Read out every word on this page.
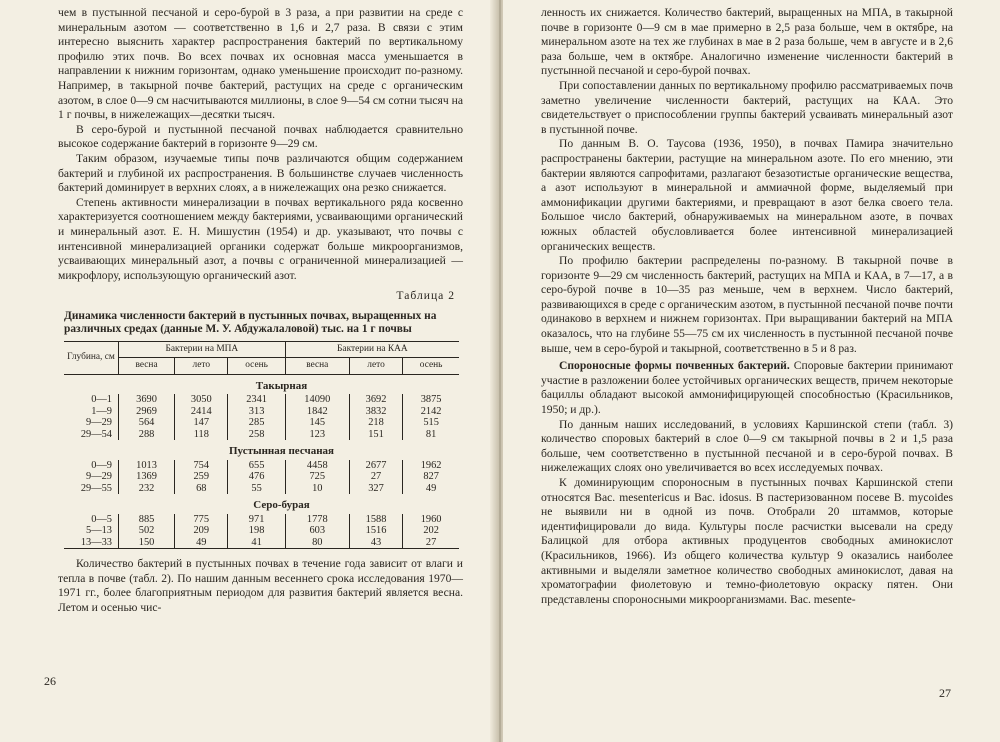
чем в пустынной песчаной и серо-бурой в 3 раза, а при развитии на среде с минеральным азотом — соответственно в 1,6 и 2,7 раза. В связи с этим интересно выяснить характер распространения бактерий по вертикальному профилю этих почв. Во всех почвах их основная масса уменьшается в направлении к нижним горизонтам, однако уменьшение происходит по-разному. Например, в такырной почве бактерий, растущих на среде с органическим азотом, в слое 0—9 см насчитываются миллионы, в слое 9—54 см сотни тысяч на 1 г почвы, в нижележащих—десятки тысяч.

В серо-бурой и пустынной песчаной почвах наблюдается сравнительно высокое содержание бактерий в горизонте 9—29 см.

Таким образом, изучаемые типы почв различаются общим содержанием бактерий и глубиной их распространения. В большинстве случаев численность бактерий доминирует в верхних слоях, а в нижележащих она резко снижается.

Степень активности минерализации в почвах вертикального ряда косвенно характеризуется соотношением между бактериями, усваивающими органический и минеральный азот. Е. Н. Мишустин (1954) и др. указывают, что почвы с интенсивной минерализацией органики содержат больше микроорганизмов, усваивающих минеральный азот, а почвы с ограниченной минерализацией — микрофлору, использующую органический азот.

Таблица 2
Динамика численности бактерий в пустынных почвах, выращенных на различных средах (данные М. У. Абдужалаловой) тыс. на 1 г почвы
Глубина, см	Бактерии на МПА			Бактерии на КАА		
	весна	лето	осень	весна	лето	осень
Такырная						
0—1	3690	3050	2341	14090	3692	3875
1—9	2969	2414	313	1842	3832	2142
9—29	564	147	285	145	218	515
29—54	288	118	258	123	151	81
Пустынная песчаная						
0—9	1013	754	655	4458	2677	1962
9—29	1369	259	476	725	27	827
29—55	232	68	55	10	327	49
Серо-бурая						
0—5	885	775	971	1778	1588	1960
5—13	502	209	198	603	1516	202
13—33	150	49	41	80	43	27

Количество бактерий в пустынных почвах в течение года зависит от влаги и тепла в почве (табл. 2). По нашим данным весеннего срока исследования 1970—1971 гг., более благоприятным периодом для развития бактерий является весна. Летом и осенью чис-

26

ленность их снижается. Количество бактерий, выращенных на МПА, в такырной почве в горизонте 0—9 см в мае примерно в 2,5 раза больше, чем в октябре, на минеральном азоте на тех же глубинах в мае в 2 раза больше, чем в августе и в 2,6 раза больше, чем в октябре. Аналогично изменение численности бактерий в пустынной песчаной и серо-бурой почвах.

При сопоставлении данных по вертикальному профилю рассматриваемых почв заметно увеличение численности бактерий, растущих на КАА. Это свидетельствует о приспособлении группы бактерий усваивать минеральный азот в пустынной почве.

По данным В. О. Таусова (1936, 1950), в почвах Памира значительно распространены бактерии, растущие на минеральном азоте. По его мнению, эти бактерии являются сапрофитами, разлагают безазотистые органические вещества, а азот используют в минеральной и аммиачной форме, выделяемый при аммонификации другими бактериями, и превращают в азот белка своего тела. Большое число бактерий, обнаруживаемых на минеральном азоте, в почвах южных областей обусловливается более интенсивной минерализацией органических веществ.

По профилю бактерии распределены по-разному. В такырной почве в горизонте 9—29 см численность бактерий, растущих на МПА и КАА, в 7—17, а в серо-бурой почве в 10—35 раз меньше, чем в верхнем. Число бактерий, развивающихся в среде с органическим азотом, в пустынной песчаной почве почти одинаково в верхнем и нижнем горизонтах. При выращивании бактерий на МПА оказалось, что на глубине 55—75 см их численность в пустынной песчаной почве выше, чем в серо-бурой и такырной, соответственно в 5 и 8 раз.

Спороносные формы почвенных бактерий. Споровые бактерии принимают участие в разложении более устойчивых органических веществ, причем некоторые бациллы обладают высокой аммонифицирующей способностью (Красильников, 1950; и др.).

По данным наших исследований, в условиях Каршинской степи (табл. 3) количество споровых бактерий в слое 0—9 см такырной почвы в 2 и 1,5 раза больше, чем соответственно в пустынной песчаной и в серо-бурой почвах. В нижележащих слоях оно увеличивается во всех исследуемых почвах.

К доминирующим спороносным в пустынных почвах Каршинской степи относятся Bac. mesentericus и Bac. idosus. В пастеризованном посеве B. mycoides не выявили ни в одной из почв. Отобрали 20 штаммов, которые идентифицировали до вида. Культуры после расчистки высевали на среду Балицкой для отбора активных продуцентов свободных аминокислот (Красильников, 1966). Из общего количества культур 9 оказались наиболее активными и выделяли заметное количество свободных аминокислот, давая на хроматографии фиолетовую и темно-фиолетовую окраску пятен. Они представлены спороносными микроорганизмами. Bac. mesente-

27
